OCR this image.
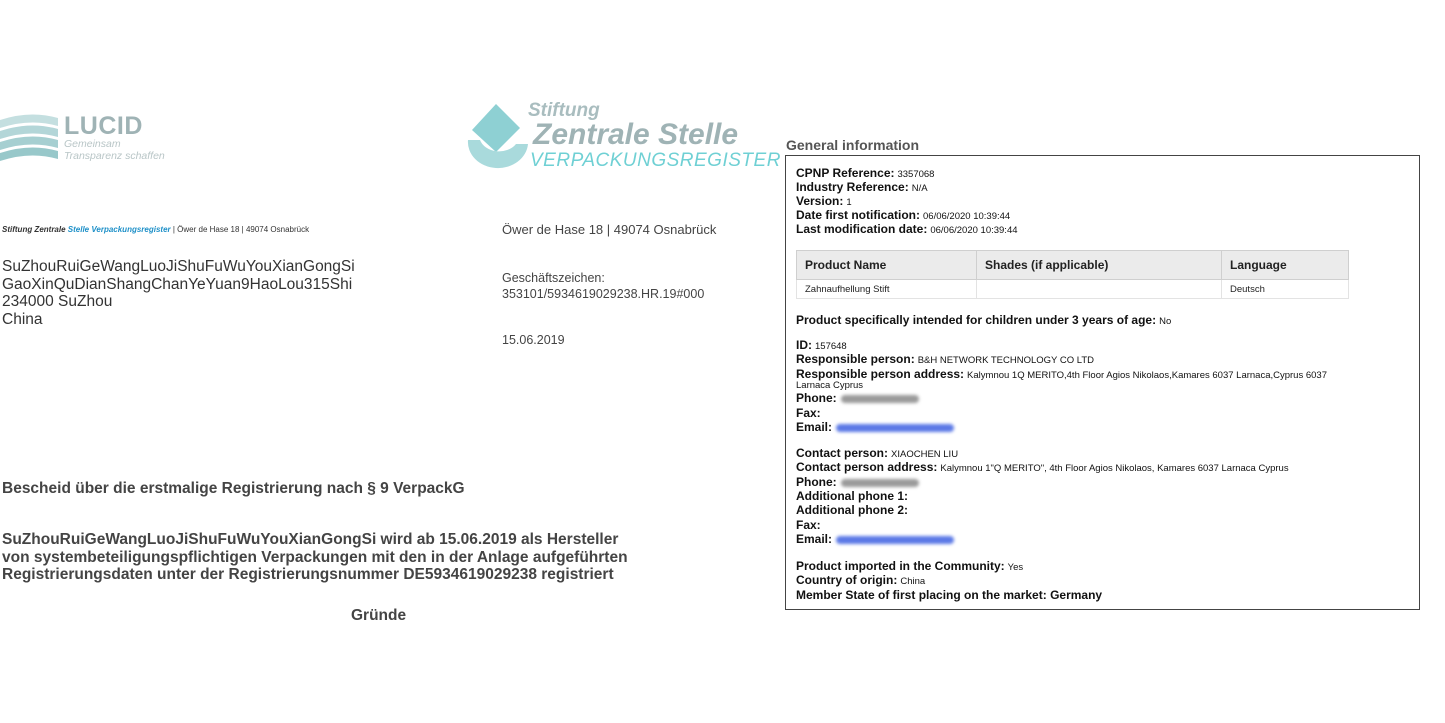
LUCID
Gemeinsam
Transparenz schaffen
Stiftung
Zentrale Stelle
VERPACKUNGSREGISTER
Stiftung Zentrale Stelle Verpackungsregister | Öwer de Hase 18 | 49074 Osnabrück	Öwer de Hase 18 | 49074 Osnabrück
SuZhouRuiGeWangLuoJiShuFuWuYouXianGongSi
GaoXinQuDianShangChanYeYuan9HaoLou315Shi
234000 SuZhou
China
Geschäftszeichen:
353101/5934619029238.HR.19#000
15.06.2019
Bescheid über die erstmalige Registrierung nach § 9 VerpackG
SuZhouRuiGeWangLuoJiShuFuWuYouXianGongSi wird ab 15.06.2019 als Hersteller
von systembeteiligungspflichtigen Verpackungen mit den in der Anlage aufgeführten
Registrierungsdaten unter der Registrierungsnummer DE5934619029238 registriert
Gründe
General information
CPNP Reference: 3357068
Industry Reference: N/A
Version: 1
Date first notification: 06/06/2020 10:39:44
Last modification date: 06/06/2020 10:39:44
Product Name	Shades (if applicable)	Language
Zahnaufhellung Stift		Deutsch
Product specifically intended for children under 3 years of age: No
ID: 157648
Responsible person: B&H NETWORK TECHNOLOGY CO LTD
Responsible person address: Kalymnou 1Q MERITO,4th Floor Agios Nikolaos,Kamares 6037 Larnaca,Cyprus 6037
Larnaca Cyprus
Phone:
Fax:
Email:
Contact person: XIAOCHEN LIU
Contact person address: Kalymnou 1"Q MERITO", 4th Floor Agios Nikolaos, Kamares 6037 Larnaca Cyprus
Phone:
Additional phone 1:
Additional phone 2:
Fax:
Email:
Product imported in the Community: Yes
Country of origin: China
Member State of first placing on the market: Germany
